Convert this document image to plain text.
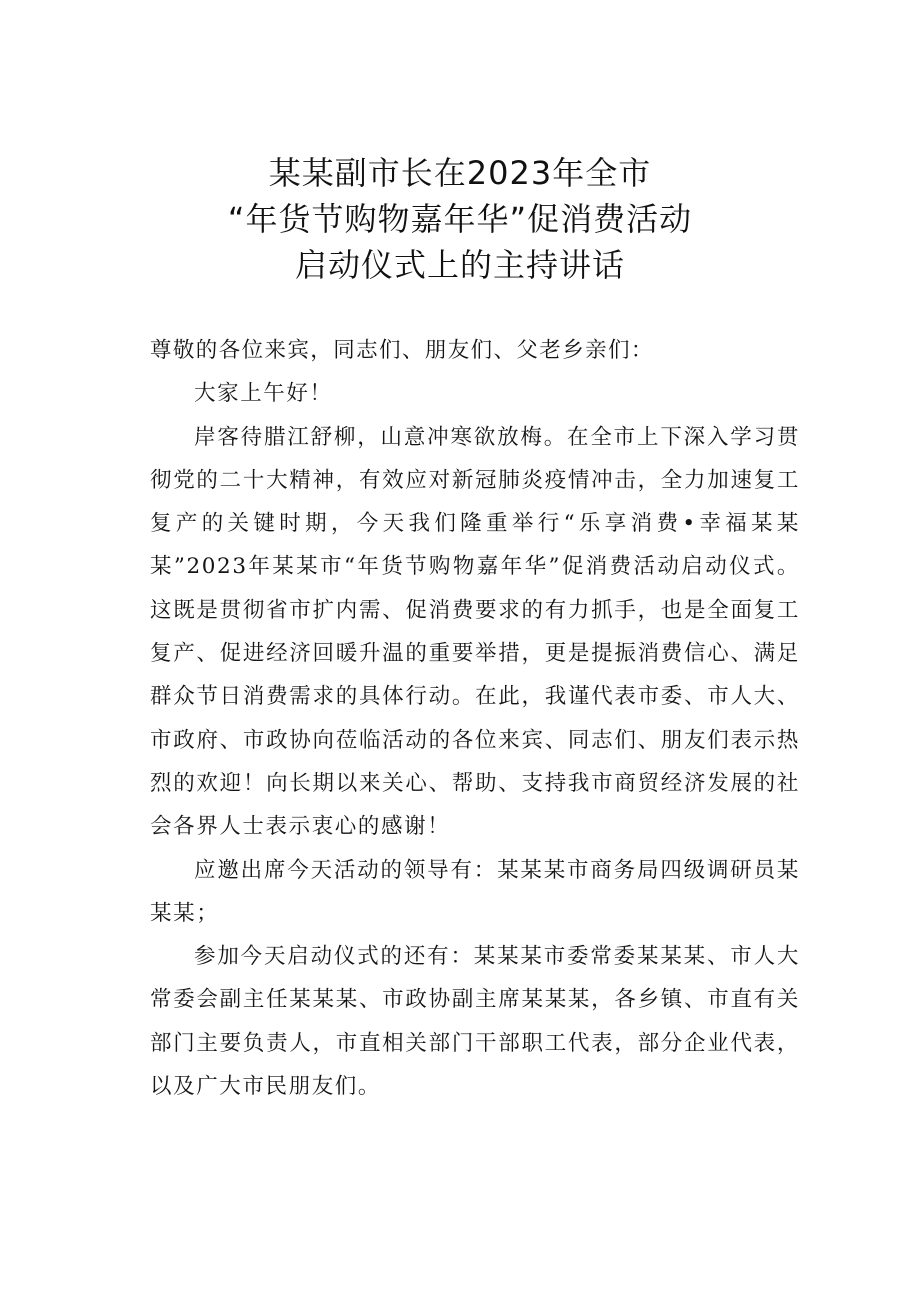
某某副市长在2023年全市
“年货节购物嘉年华”促消费活动
启动仪式上的主持讲话

尊敬的各位来宾，同志们、朋友们、父老乡亲们：

大家上午好！

岸客待腊江舒柳，山意冲寒欲放梅。在全市上下深入学习贯彻党的二十大精神，有效应对新冠肺炎疫情冲击，全力加速复工复产的关键时期，今天我们隆重举行“乐享消费•幸福某某某”2023年某某市“年货节购物嘉年华”促消费活动启动仪式。这既是贯彻省市扩内需、促消费要求的有力抓手，也是全面复工复产、促进经济回暖升温的重要举措，更是提振消费信心、满足群众节日消费需求的具体行动。在此，我谨代表市委、市人大、市政府、市政协向莅临活动的各位来宾、同志们、朋友们表示热烈的欢迎！向长期以来关心、帮助、支持我市商贸经济发展的社会各界人士表示衷心的感谢！

应邀出席今天活动的领导有：某某某市商务局四级调研员某某某；

参加今天启动仪式的还有：某某某市委常委某某某、市人大常委会副主任某某某、市政协副主席某某某，各乡镇、市直有关部门主要负责人，市直相关部门干部职工代表，部分企业代表，以及广大市民朋友们。
